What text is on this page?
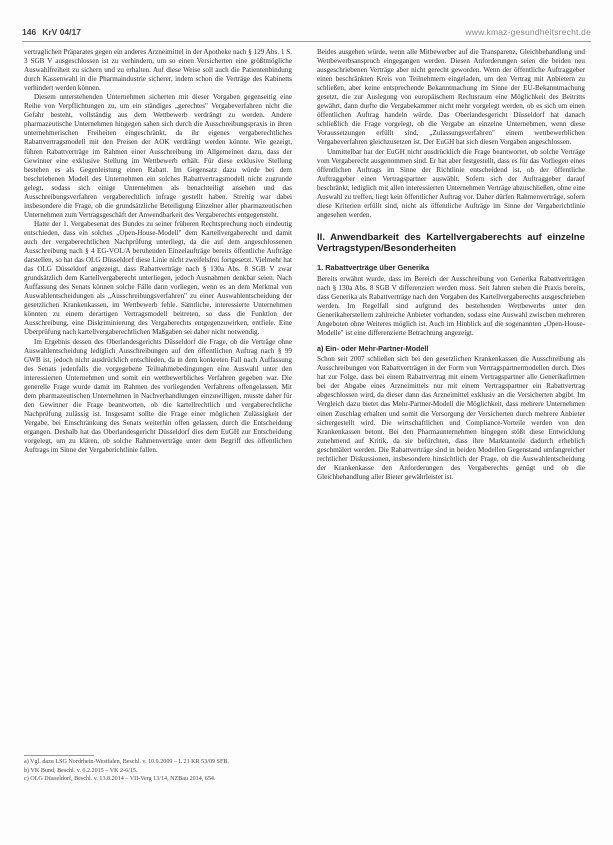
146 KrV 04/17	www.kmaz-gesundheitsrecht.de

vertraglichen Präparates gegen ein anderes Arzneimittel in der Apotheke nach § 129 Abs. 1 S. 3 SGB V ausgeschlossen ist zu verhindern, um so einen Versicherten eine größtmögliche Auswahlfreiheit zu sichern und zu erhalten. Auf diese Weise soll auch die Patientenbindung durch Kassenwahl in die Pharmaindustrie sicherer, indem schon die Verträge des Kabinetts verhindert werden können.

Diesem unterstehenden Unternehmen sicherten mit dieser Vorgaben gegenseitig eine Reihe von Verpflichtungen zu, um ein ständiges „gerechtes" Vergabeverfahren nicht die Gefahr besteht, vollständig aus dem Wettbewerb verdrängt zu werden. Andere pharmazeutische Unternehmen hingegen sahen sich durch die Ausschreibungspraxis in ihren unternehmerischen Freiheiten eingeschränkt, da ihr eigenes vergaberechtliches Rabattvertragsmodell mit den Preisen der AOK verdrängt werden könnte. Wie gezeigt, führen Rabattverträge im Rahmen einer Ausschreibung im Allgemeinen dazu, dass der Gewinner eine exklusive Stellung im Wettbewerb erhält. Für diese exklusive Stellung bestehen es als Gegenleistung einen Rabatt. Im Gegensatz dazu würde bei dem beschriebenen Modell des Unternehmen ein solches Rabattvertragsmodell nicht zugrunde gelegt, sodass sich einige Unternehmen als benachteiligt ansehen und das Ausschreibungsverfahren vergaberechtlich infrage gestellt haben. Streitig war dabei insbesondere die Frage, ob die grundsätzliche Beteiligung Einzelner aller pharmazeutischen Unternehmen zum Vertragsgeschäft der Anwendbarkeit des Vergaberechts entgegensteht.

Hatte der 1. Vergabesenat des Bundes zu seiner früheren Rechtsprechung noch eindeutig entschieden, dass ein solches „Open-House-Modell" dem Kartellvergaberecht und damit auch der vergaberechtlichen Nachprüfung unterliegt, da die auf dem angeschlossenen Ausschreibung nach § 4 EG-VOL/A beruhenden Einzelaufträge bereits öffentliche Aufträge darstellen, so hat das OLG Düsseldorf diese Linie nicht zweifelsfrei fortgesetzt. Vielmehr hat das OLG Düsseldorf angezeigt, dass Rabattverträge nach § 130a Abs. 8 SGB V zwar grundsätzlich dem Kartellvergaberecht unterliegen, jedoch Ausnahmen denkbar seien. Nach Auffassung des Senats können solche Fälle dann vorliegen, wenn es an dem Merkmal von Auswahlentscheidungen als „Ausschreibungsverfahren" zu einer Auswahlentscheidung der gesetzlichen Krankenkassen, im Wettbewerb fehle. Sämtliche, interessierte Unternehmen könnten zu einem derartigen Vertragsmodell beitreten, so dass die Funktion der Ausschreibung, eine Diskriminierung des Vergaberechts entgegenzuwirken, entfiele. Eine Überprüfung nach kartellvergaberechtlichen Maßgaben sei daher nicht notwendig.

Im Ergebnis dessen des Oberlandesgerichts Düsseldorf die Frage, ob die Verträge ohne Auswahlentscheidung lediglich Ausschreibungen auf den öffentlichen Auftrag nach § 99 GWB ist, jedoch nicht ausdrücklich entschieden, da in dem konkreten Fall nach Auffassung des Senats jedenfalls die vorgegebene Teilnahmebedingungen eine Auswahl unter den interessierten Unternehmen und somit ein wettbewerbliches Verfahren gegeben war. Die generelle Frage wurde damit im Rahmen des vorliegenden Verfahrens offengelassen. Mit dem pharmazeutischen Unternehmen in Nachverhandlungen einzuwilligen, musste daher für den Gewinner die Frage beantworten, ob die kartellrechtlich und vergaberechtliche Nachprüfung zulässig ist. Insgesamt sollte die Frage einer möglichen Zulässigkeit der Vergabe, bei Einschränkung des Senats weiterhin offen gelassen, durch die Entscheidung ergangen. Deshalb hat das Oberlandesgericht Düsseldorf dies dem EuGH zur Entscheidung vorgelegt, um zu klären, ob solche Rahmenverträge unter dem Begriff des öffentlichen Auftrags im Sinne der Vergaberichtlinie fallen.

a) Vgl. dazu LSG Nordrhein-Westfalen, Beschl. v. 10.9.2009 – L 21 KR 53/09 SFB.
b) VK Bund, Beschl. v. 6.2.2015 – VK 2-6/15.
c) OLG Düsseldorf, Beschl. v. 13.8.2014 – VII-Verg 13/14, NZBau 2014, 654.

Beides ausgehen würde, wenn alle Mitbewerber auf die Transparenz, Gleichbehandlung und Wettbewerbsanspruch eingegangen werden. Diesen Anforderungen seien die beiden neu ausgeschriebenen Verträge aber nicht gerecht geworden. Wenn der öffentliche Auftraggeber einen beschränkten Kreis von Teilnehmern eingeladen, um den Vertrag mit Anbietern zu schließen, aber keine entsprechende Bekanntmachung im Sinne der EU-Bekanntmachung gesetzt, die zur Auslegung von europäischem Rechtsraum eine Möglichkeit des Beitritts gewährt, dann durfte die Vergabekammer nicht mehr vorgelegt werden, ob es sich um einen öffentlichen Auftrag handeln würde. Das Oberlandesgericht Düsseldorf hat danach schließlich die Frage vorgelegt, ob die Vergabe an einzelne Unternehmen, wenn diese Voraussetzungen erfüllt sind, „Zulassungsverfahren" einem wettbewerblichen Vergabeverfahren gleichzusetzen ist. Der EuGH hat sich diesen Vorgaben angeschlossen.

Unmittelbar hat der EuGH nicht ausdrücklich die Frage beantwortet, ob solche Verträge vom Vergaberecht ausgenommen sind. Er hat aber festgestellt, dass es für das Vorliegen eines öffentlichen Auftrags im Sinne der Richtlinie entscheidend ist, ob der öffentliche Auftraggeber einen Vertragspartner auswählt. Sofern sich der Auftraggeber darauf beschränkt, lediglich mit allen interessierten Unternehmen Verträge abzuschließen, ohne eine Auswahl zu treffen, liegt kein öffentlicher Auftrag vor. Daher dürfen Rahmenverträge, sofern diese Kriterien erfüllt sind, nicht als öffentliche Aufträge im Sinne der Vergaberichtlinie angesehen werden.

II. Anwendbarkeit des Kartellvergaberechts auf einzelne Vertragstypen/Besonderheiten
1. Rabattverträge über Generika

Bereits erwähnt wurde, dass im Bereich der Ausschreibung von Generika Rabattverträgen nach § 130a Abs. 8 SGB V differenziert werden muss. Seit Jahren stehen die Praxis bereits, dass Generika als Rabattverträge nach den Vorgaben des Kartellvergaberechts ausgeschrieben werden. Im Regelfall sind aufgrund des bestehenden Wettbewerbs unter den Generikaherstellern zahlreiche Anbieter vorhanden, sodass eine Auswahl zwischen mehreren Angeboten ohne Weiteres möglich ist. Auch im Hinblick auf die sogenannten „Open-House-Modelle" ist eine differenzierte Betrachtung angezeigt.

a) Ein- oder Mehr-Partner-Modell

Schon seit 2007 schließen sich bei den gesetzlichen Krankenkassen die Ausschreibung als Ausschreibungen von Rabattverträgen in der Form von Vertragspartnermodellen durch. Dies hat zur Folge, dass bei einem Rabattvertrag mit einem Vertragspartner alle Generikafirmen bei der Abgabe eines Arzneimittels nur mit einem Vertragspartner ein Rabattvertrag abgeschlossen wird, da dieser dann das Arzneimittel exklusiv an die Versicherten abgibt. Im Vergleich dazu bietet das Mehr-Partner-Modell die Möglichkeit, dass mehrere Unternehmen einen Zuschlag erhalten und somit die Versorgung der Versicherten durch mehrere Anbieter sichergestellt wird. Die wirtschaftlichen und Compliance-Vorteile werden von den Krankenkassen betont. Bei den Pharmaunternehmen hingegen stößt diese Entwicklung zunehmend auf Kritik, da sie befürchten, dass ihre Marktanteile dadurch erheblich geschmälert werden. Die Rabattverträge sind in beiden Modellen Gegenstand umfangreicher rechtlicher Diskussionen, insbesondere hinsichtlich der Frage, ob die Auswahlentscheidung der Krankenkasse den Anforderungen des Vergaberechts genügt und ob die Gleichbehandlung aller Bieter gewährleistet ist.
